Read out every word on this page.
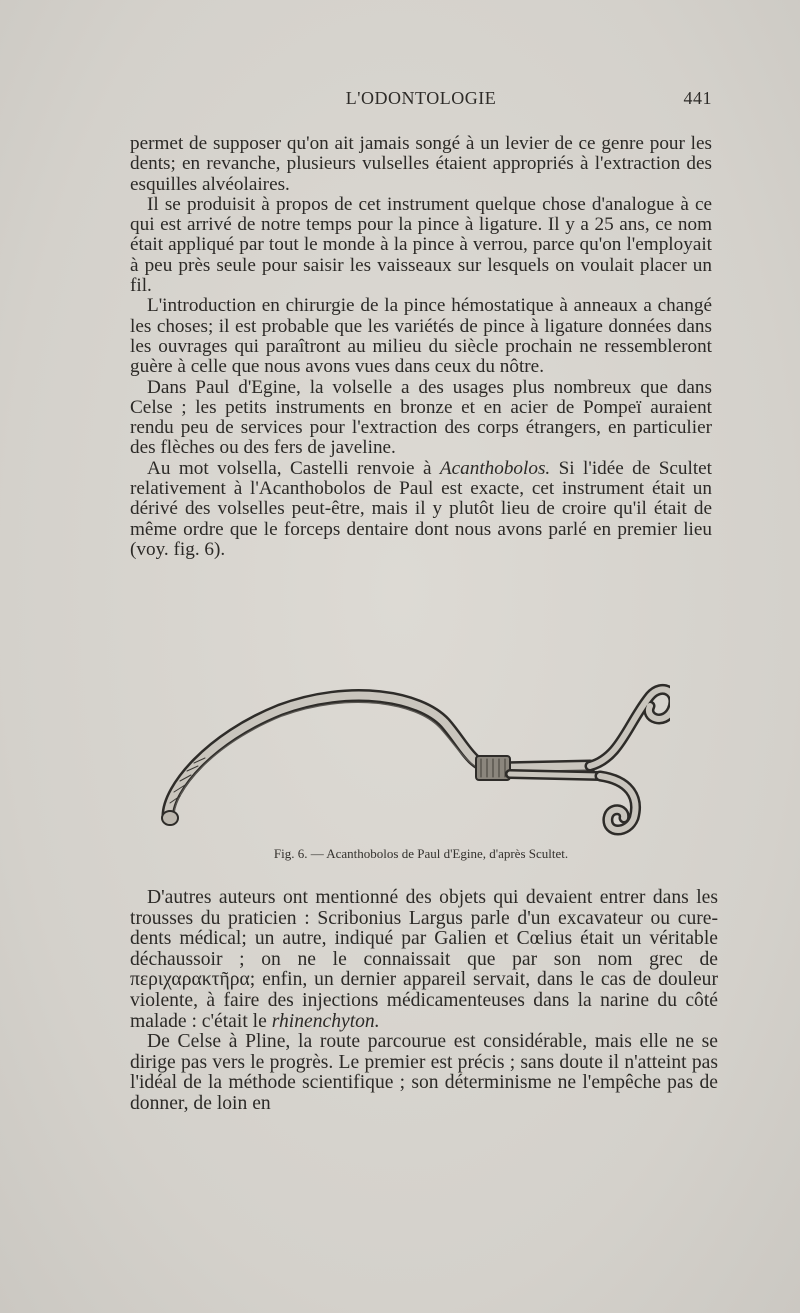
L'ODONTOLOGIE	441

permet de supposer qu'on ait jamais songé à un levier de ce genre pour les dents; en revanche, plusieurs vulselles étaient appropriés à l'extraction des esquilles alvéolaires.

Il se produisit à propos de cet instrument quelque chose d'analogue à ce qui est arrivé de notre temps pour la pince à ligature. Il y a 25 ans, ce nom était appliqué par tout le monde à la pince à verrou, parce qu'on l'employait à peu près seule pour saisir les vaisseaux sur lesquels on voulait placer un fil.

L'introduction en chirurgie de la pince hémostatique à anneaux a changé les choses; il est probable que les variétés de pince à ligature données dans les ouvrages qui paraîtront au milieu du siècle prochain ne ressembleront guère à celle que nous avons vues dans ceux du nôtre.

Dans Paul d'Egine, la volselle a des usages plus nombreux que dans Celse ; les petits instruments en bronze et en acier de Pompeï auraient rendu peu de services pour l'extraction des corps étrangers, en particulier des flèches ou des fers de javeline.

Au mot volsella, Castelli renvoie à Acanthobolos. Si l'idée de Scultet relativement à l'Acanthobolos de Paul est exacte, cet instrument était un dérivé des volselles peut-être, mais il y plutôt lieu de croire qu'il était de même ordre que le forceps dentaire dont nous avons parlé en premier lieu (voy. fig. 6).

Fig. 6. — Acanthobolos de Paul d'Egine, d'après Scultet.

D'autres auteurs ont mentionné des objets qui devaient entrer dans les trousses du praticien : Scribonius Largus parle d'un excavateur ou cure-dents médical; un autre, indiqué par Galien et Cœlius était un véritable déchaussoir ; on ne le connaissait que par son nom grec de περιχαρακτῆρα; enfin, un dernier appareil servait, dans le cas de douleur violente, à faire des injections médicamenteuses dans la narine du côté malade : c'était le rhinenchyton.

De Celse à Pline, la route parcourue est considérable, mais elle ne se dirige pas vers le progrès. Le premier est précis ; sans doute il n'atteint pas l'idéal de la méthode scientifique ; son déterminisme ne l'empêche pas de donner, de loin en
